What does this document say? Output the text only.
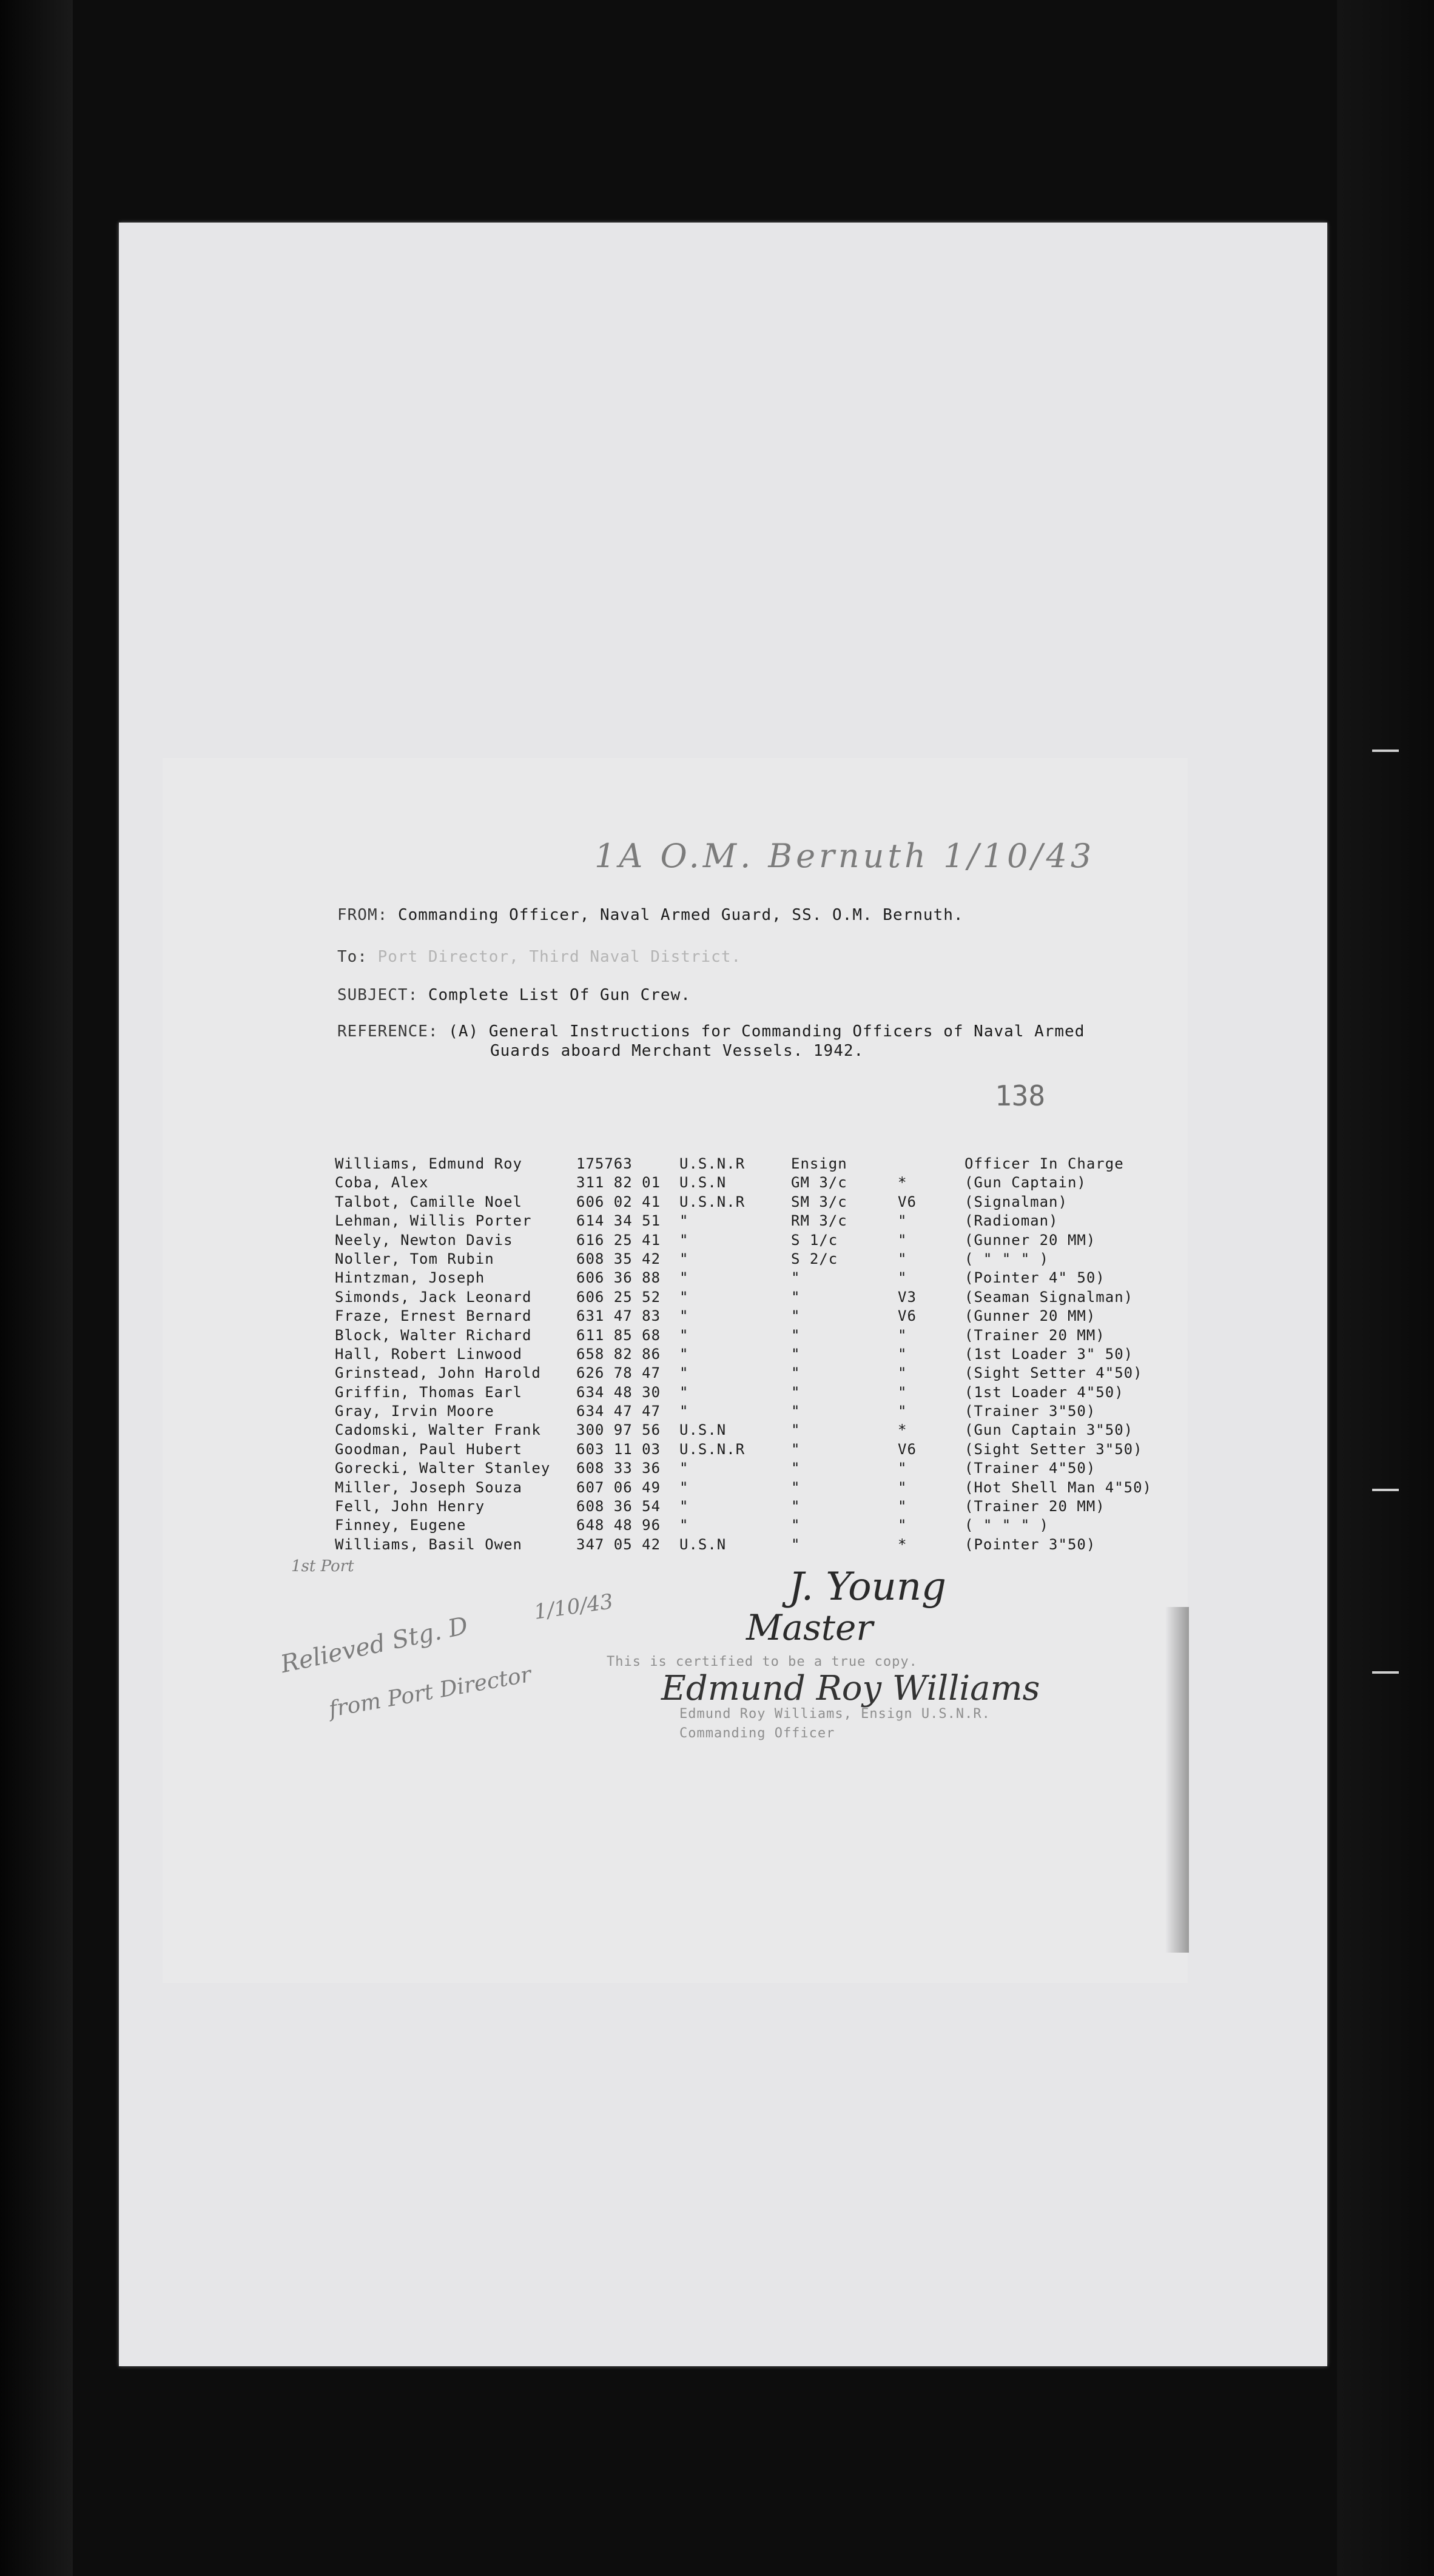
1A O.M. Bernuth 1/10/43
FROM: Commanding Officer, Naval Armed Guard, SS. O.M. Bernuth.
To: Port Director, Third Naval District.
SUBJECT: Complete List Of Gun Crew.
REFERENCE: (A) General Instructions for Commanding Officers of Naval Armed
Guards aboard Merchant Vessels. 1942.
138
Williams, Edmund Roy	175763	U.S.N.R	Ensign	Officer In Charge
Coba, Alex	311 82 01 U.S.N	GM 3/c	*	(Gun Captain)
Talbot, Camille Noel	606 02 41 U.S.N.R	SM 3/c	V6	(Signalman)
Lehman, Willis Porter	614 34 51 "	RM 3/c	"	(Radioman)
Neely, Newton Davis	616 25 41 "	S 1/c	"	(Gunner 20 MM)
Noller, Tom Rubin	608 35 42 "	S 2/c	"	( " " " )
Hintzman, Joseph	606 36 88 "	"	"	(Pointer 4" 50)
Simonds, Jack Leonard	606 25 52 "	"	V3	(Seaman Signalman)
Fraze, Ernest Bernard	631 47 83 "	"	V6	(Gunner 20 MM)
Block, Walter Richard	611 85 68 "	"	"	(Trainer 20 MM)
Hall, Robert Linwood	658 82 86 "	"	"	(1st Loader 3" 50)
Grinstead, John Harold 626 78 47 "	"	"	(Sight Setter 4"50)
Griffin, Thomas Earl	634 48 30 "	"	"	(1st Loader 4"50)
Gray, Irvin Moore	634 47 47 "	"	"	(Trainer 3"50)
Cadomski, Walter Frank 300 97 56 U.S.N	"	*	(Gun Captain 3"50)
Goodman, Paul Hubert	603 11 03 U.S.N.R	"	V6	(Sight Setter 3"50)
Gorecki, Walter Stanley 608 33 36 "	"	"	(Trainer 4"50)
Miller, Joseph Souza	607 06 49 "	"	"	(Hot Shell Man 4"50)
Fell, John Henry	608 36 54 "	"	"	(Trainer 20 MM)
Finney, Eugene	648 48 96 "	"	"	( " " " )
Williams, Basil Owen	347 05 42 U.S.N	"	*	(Pointer 3"50)
1st Port
Relieved Stg. D
1/10/43
from Port Director
J. Young
Master
This is certified to be a true copy.
Edmund Roy Williams
Edmund Roy Williams, Ensign U.S.N.R.
Commanding Officer
